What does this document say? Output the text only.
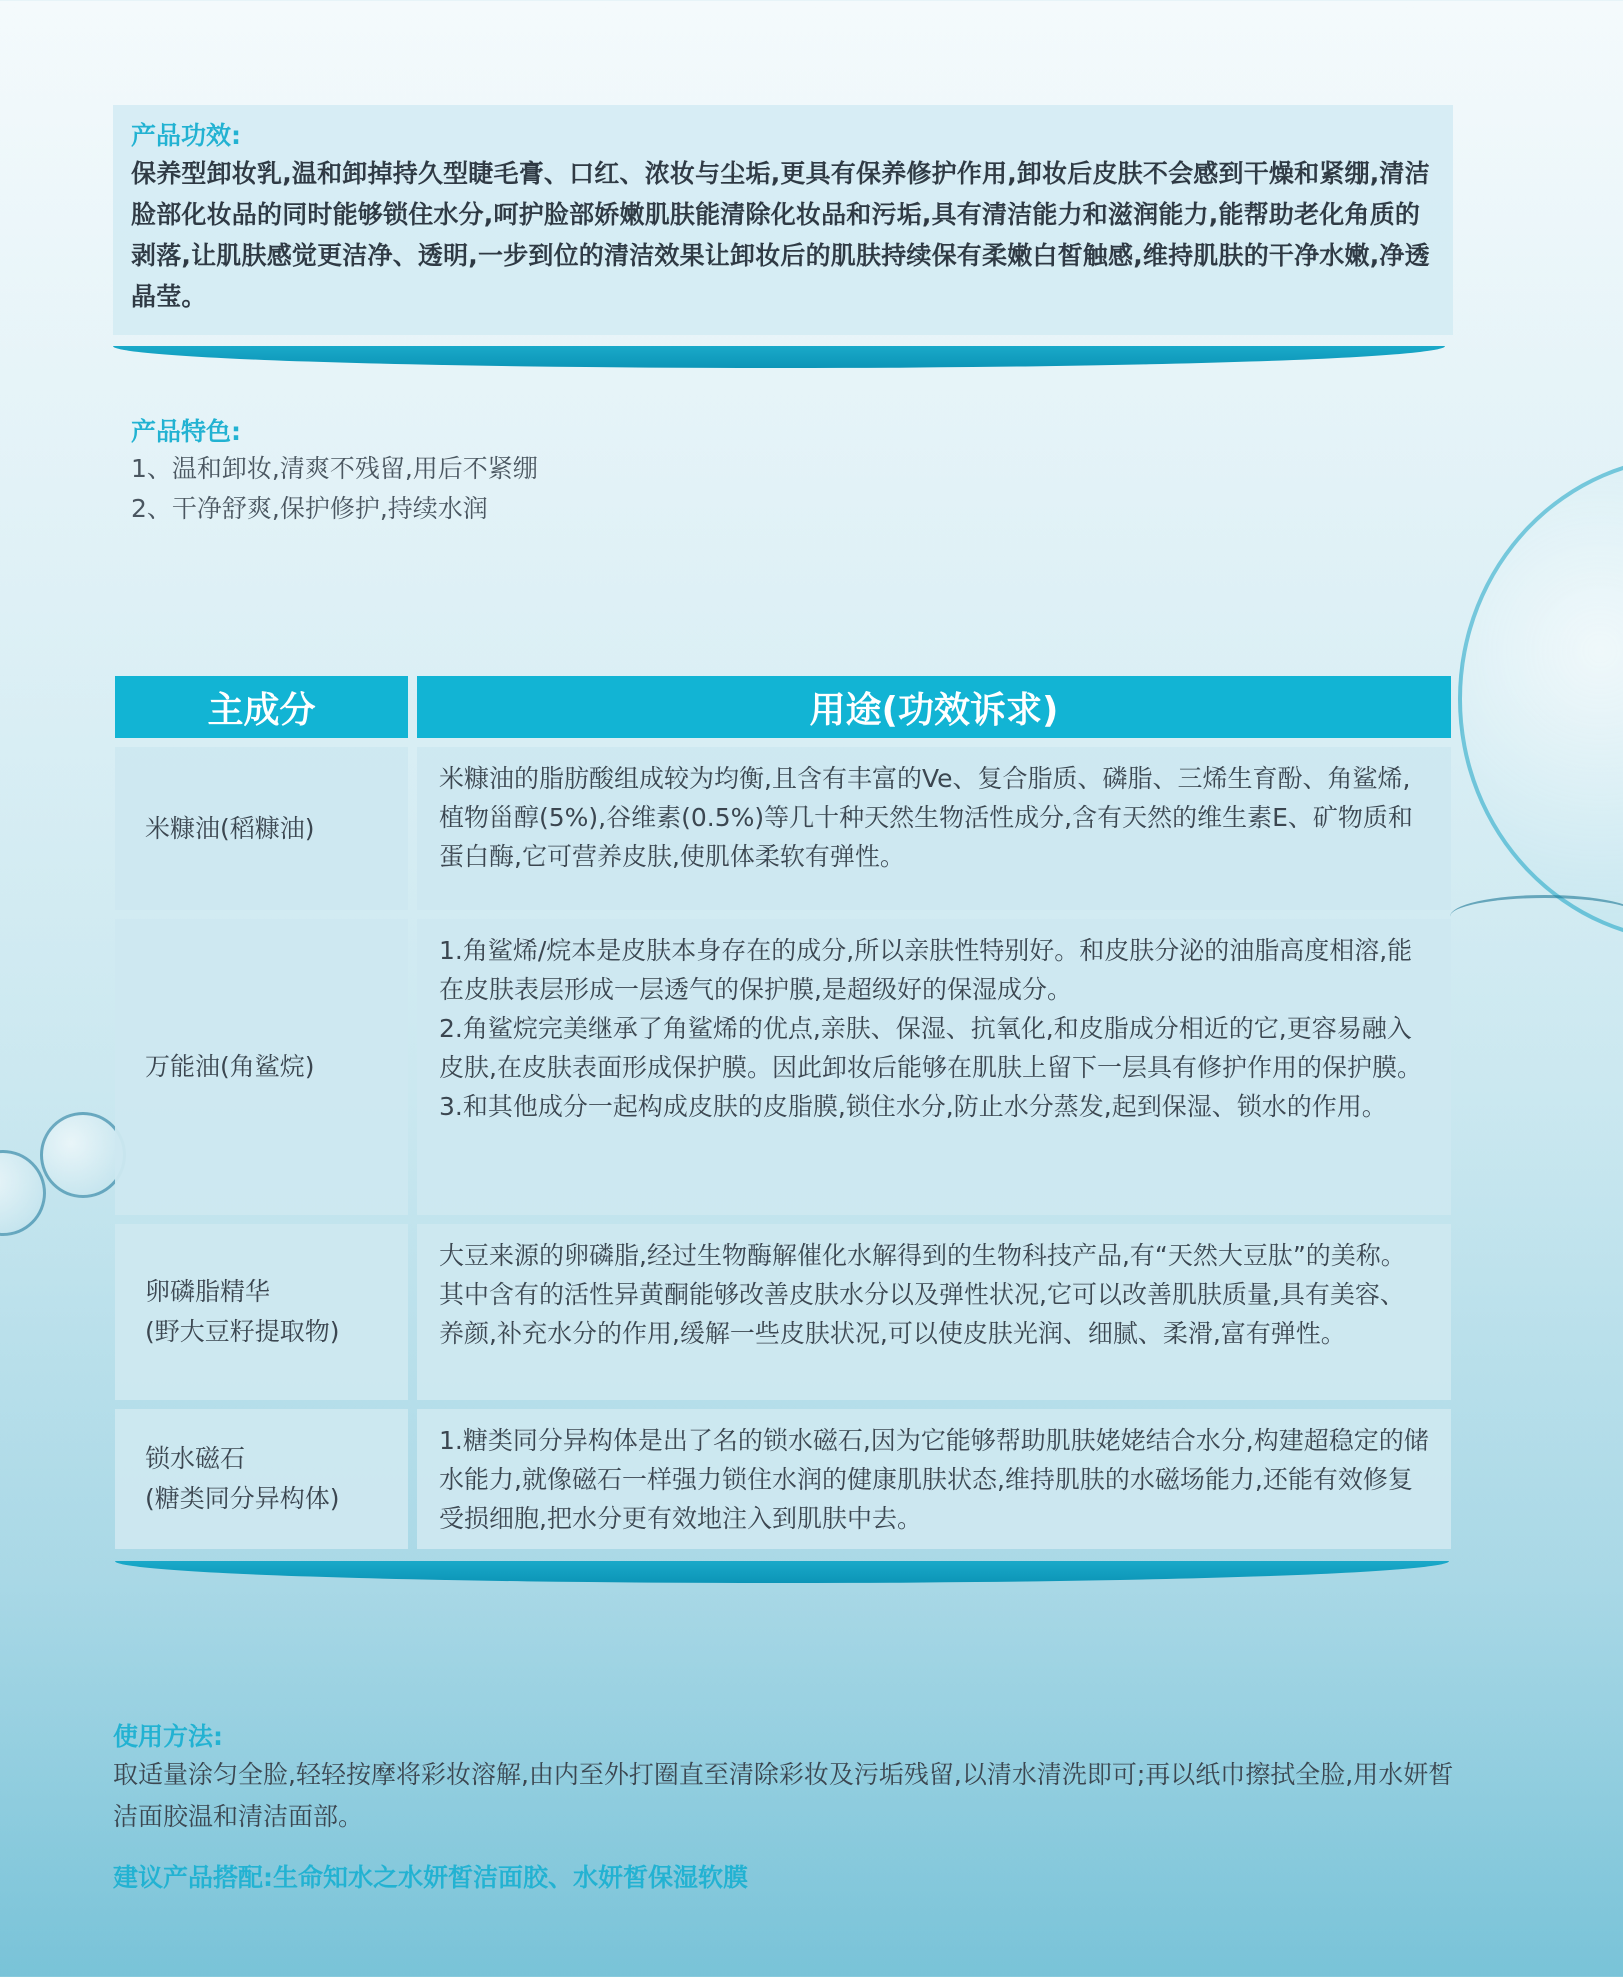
产品功效:
保养型卸妆乳,温和卸掉持久型睫毛膏、口红、浓妆与尘垢,更具有保养修护作用,卸妆后皮肤不会感到干燥和紧绷,清洁脸部化妆品的同时能够锁住水分,呵护脸部娇嫩肌肤能清除化妆品和污垢,具有清洁能力和滋润能力,能帮助老化角质的剥落,让肌肤感觉更洁净、透明,一步到位的清洁效果让卸妆后的肌肤持续保有柔嫩白皙触感,维持肌肤的干净水嫩,净透晶莹。
产品特色:
1、温和卸妆,清爽不残留,用后不紧绷
2、干净舒爽,保护修护,持续水润
主成分	用途(功效诉求)
米糠油(稻糠油)

米糠油的脂肪酸组成较为均衡,且含有丰富的Ve、复合脂质、磷脂、三烯生育酚、角鲨烯,植物甾醇(5%),谷维素(0.5%)等几十种天然生物活性成分,含有天然的维生素E、矿物质和蛋白酶,它可营养皮肤,使肌体柔软有弹性。

万能油(角鲨烷)

1.角鲨烯/烷本是皮肤本身存在的成分,所以亲肤性特别好。和皮肤分泌的油脂高度相溶,能在皮肤表层形成一层透气的保护膜,是超级好的保湿成分。

2.角鲨烷完美继承了角鲨烯的优点,亲肤、保湿、抗氧化,和皮脂成分相近的它,更容易融入皮肤,在皮肤表面形成保护膜。因此卸妆后能够在肌肤上留下一层具有修护作用的保护膜。

3.和其他成分一起构成皮肤的皮脂膜,锁住水分,防止水分蒸发,起到保湿、锁水的作用。

卵磷脂精华
(野大豆籽提取物)

大豆来源的卵磷脂,经过生物酶解催化水解得到的生物科技产品,有“天然大豆肽”的美称。其中含有的活性异黄酮能够改善皮肤水分以及弹性状况,它可以改善肌肤质量,具有美容、养颜,补充水分的作用,缓解一些皮肤状况,可以使皮肤光润、细腻、柔滑,富有弹性。

锁水磁石
(糖类同分异构体)

1.糖类同分异构体是出了名的锁水磁石,因为它能够帮助肌肤姥姥结合水分,构建超稳定的储水能力,就像磁石一样强力锁住水润的健康肌肤状态,维持肌肤的水磁场能力,还能有效修复受损细胞,把水分更有效地注入到肌肤中去。

使用方法:
取适量涂匀全脸,轻轻按摩将彩妆溶解,由内至外打圈直至清除彩妆及污垢残留,以清水清洗即可;再以纸巾擦拭全脸,用水妍皙洁面胶温和清洁面部。
建议产品搭配:生命知水之水妍皙洁面胶、水妍皙保湿软膜
